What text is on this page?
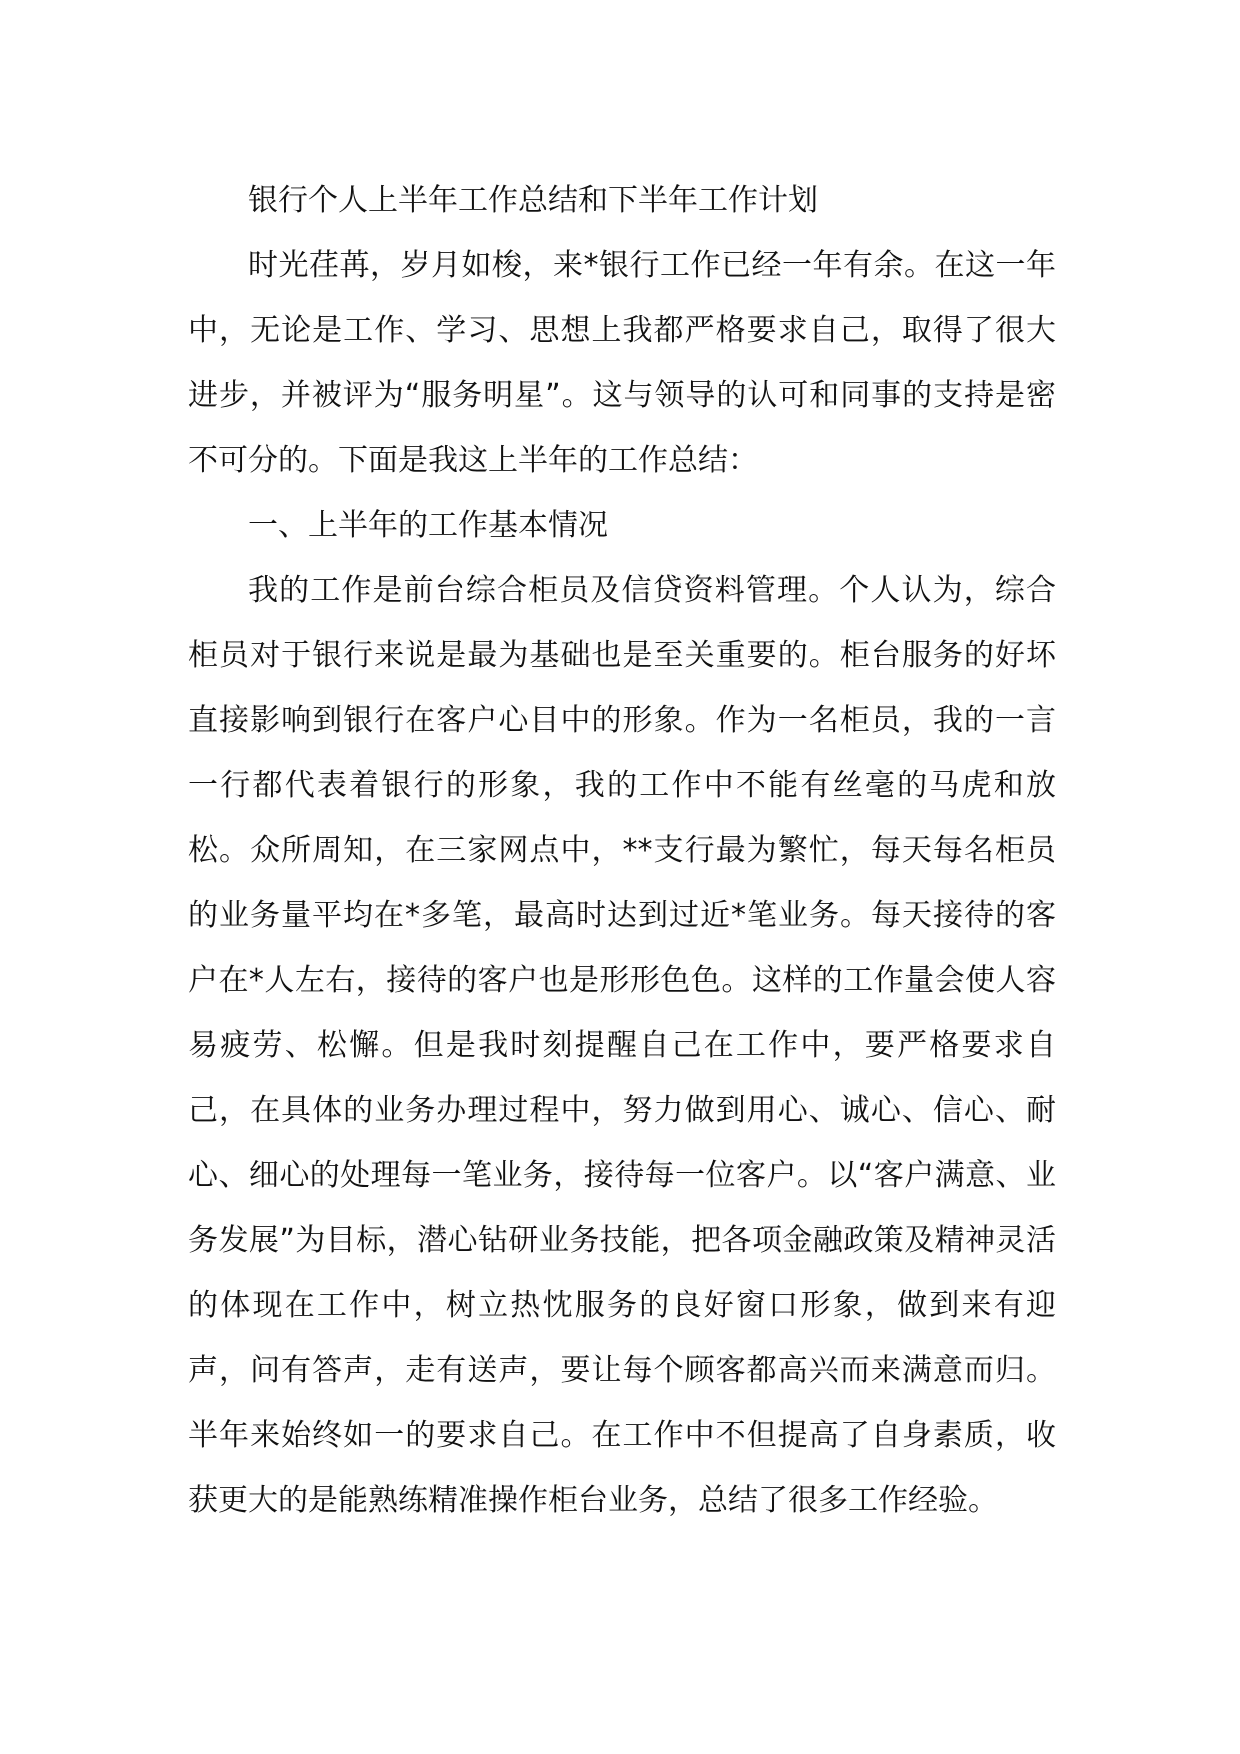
银行个人上半年工作总结和下半年工作计划

时光荏苒，岁月如梭，来*银行工作已经一年有余。在这一年中，无论是工作、学习、思想上我都严格要求自己，取得了很大进步，并被评为“服务明星”。这与领导的认可和同事的支持是密不可分的。下面是我这上半年的工作总结：

一、上半年的工作基本情况

我的工作是前台综合柜员及信贷资料管理。个人认为，综合柜员对于银行来说是最为基础也是至关重要的。柜台服务的好坏直接影响到银行在客户心目中的形象。作为一名柜员，我的一言一行都代表着银行的形象，我的工作中不能有丝毫的马虎和放松。众所周知，在三家网点中，**支行最为繁忙，每天每名柜员的业务量平均在*多笔，最高时达到过近*笔业务。每天接待的客户在*人左右，接待的客户也是形形色色。这样的工作量会使人容易疲劳、松懈。但是我时刻提醒自己在工作中，要严格要求自己，在具体的业务办理过程中，努力做到用心、诚心、信心、耐心、细心的处理每一笔业务，接待每一位客户。以“客户满意、业务发展”为目标，潜心钻研业务技能，把各项金融政策及精神灵活的体现在工作中，树立热忱服务的良好窗口形象，做到来有迎声，问有答声，走有送声，要让每个顾客都高兴而来满意而归。半年来始终如一的要求自己。在工作中不但提高了自身素质，收获更大的是能熟练精准操作柜台业务，总结了很多工作经验。
